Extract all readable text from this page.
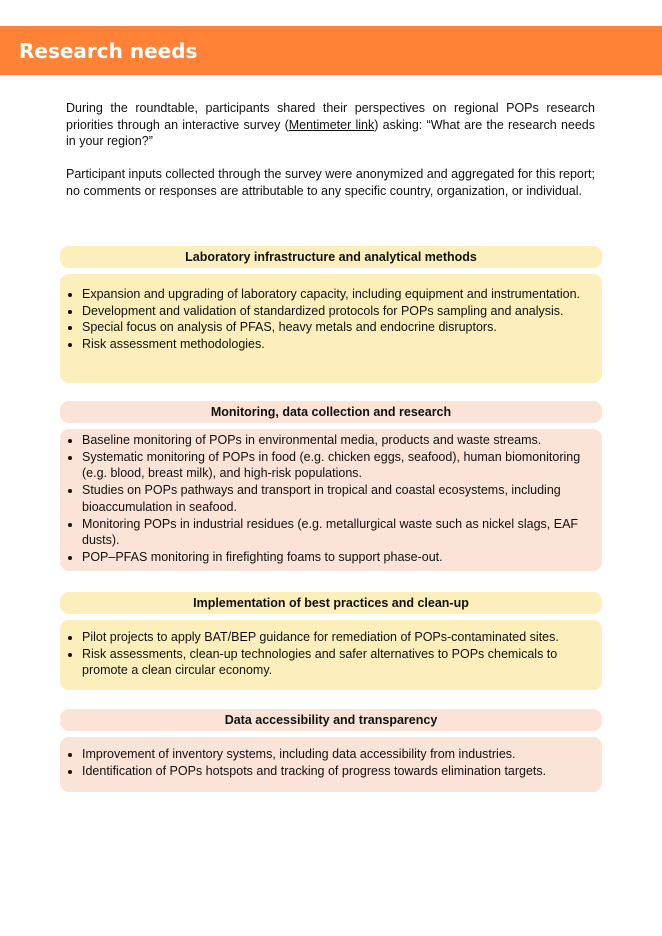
Research needs

During the roundtable, participants shared their perspectives on regional POPs research priorities through an interactive survey (Mentimeter link) asking: “What are the research needs in your region?”

Participant inputs collected through the survey were anonymized and aggregated for this report; no comments or responses are attributable to any specific country, organization, or individual.

Laboratory infrastructure and analytical methods
• Expansion and upgrading of laboratory capacity, including equipment and instrumentation.
• Development and validation of standardized protocols for POPs sampling and analysis.
• Special focus on analysis of PFAS, heavy metals and endocrine disruptors.
• Risk assessment methodologies.
Monitoring, data collection and research
• Baseline monitoring of POPs in environmental media, products and waste streams.
• Systematic monitoring of POPs in food (e.g. chicken eggs, seafood), human biomonitoring (e.g. blood, breast milk), and high-risk populations.
• Studies on POPs pathways and transport in tropical and coastal ecosystems, including bioaccumulation in seafood.
• Monitoring POPs in industrial residues (e.g. metallurgical waste such as nickel slags, EAF dusts).
• POP–PFAS monitoring in firefighting foams to support phase-out.
Implementation of best practices and clean-up
• Pilot projects to apply BAT/BEP guidance for remediation of POPs-contaminated sites.
• Risk assessments, clean-up technologies and safer alternatives to POPs chemicals to promote a clean circular economy.
Data accessibility and transparency
• Improvement of inventory systems, including data accessibility from industries.
• Identification of POPs hotspots and tracking of progress towards elimination targets.
